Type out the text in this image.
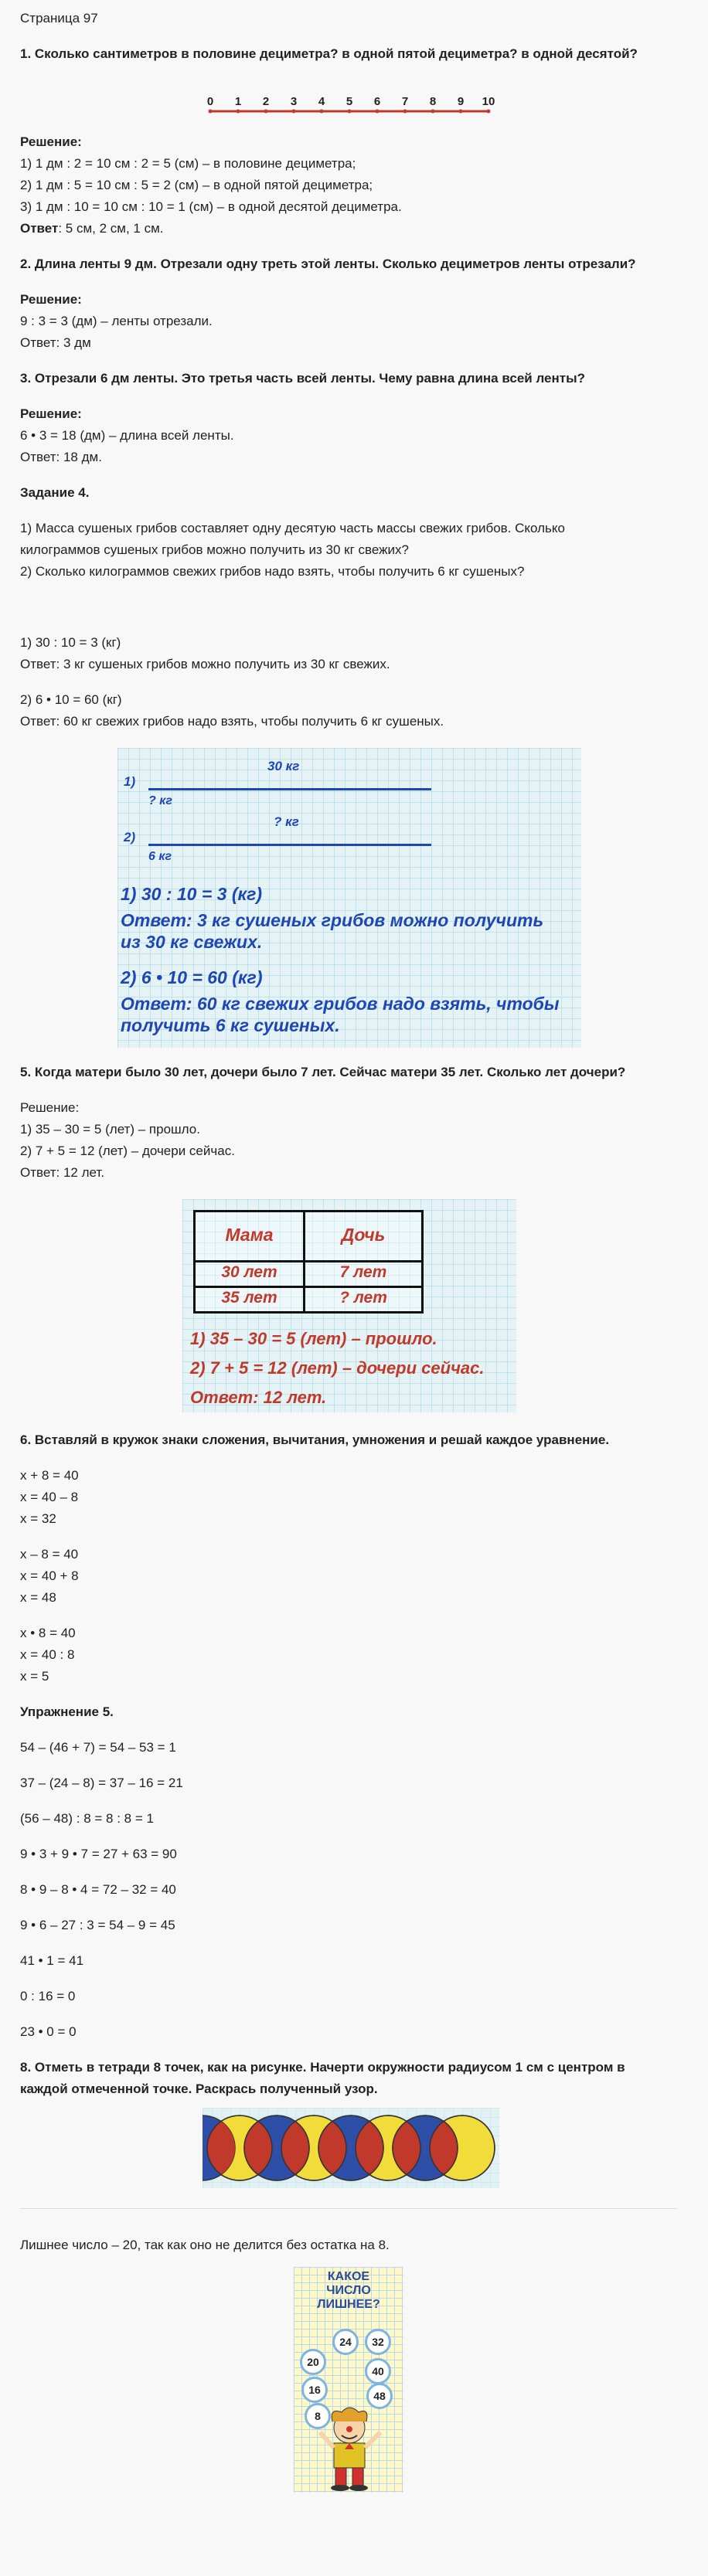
Страница 97
1. Сколько сантиметров в половине дециметра? в одной пятой дециметра? в одной десятой?
0 1 2 3 4 5 6 7 8 9 10
Решение:
1) 1 дм : 2 = 10 см : 2 = 5 (см) – в половине дециметра;
2) 1 дм : 5 = 10 см : 5 = 2 (см) – в одной пятой дециметра;
3) 1 дм : 10 = 10 см : 10 = 1 (см) – в одной десятой дециметра.
Ответ: 5 см, 2 см, 1 см.
2. Длина ленты 9 дм. Отрезали одну треть этой ленты. Сколько дециметров ленты отрезали?
Решение:
9 : 3 = 3 (дм) – ленты отрезали.
Ответ: 3 дм
3. Отрезали 6 дм ленты. Это третья часть всей ленты. Чему равна длина всей ленты?
Решение:
6 • 3 = 18 (дм) – длина всей ленты.
Ответ: 18 дм.
Задание 4.
1) Масса сушеных грибов составляет одну десятую часть массы свежих грибов. Сколько
килограммов сушеных грибов можно получить из 30 кг свежих?
2) Сколько килограммов свежих грибов надо взять, чтобы получить 6 кг сушеных?
1) 30 : 10 = 3 (кг)
Ответ: 3 кг сушеных грибов можно получить из 30 кг свежих.
2) 6 • 10 = 60 (кг)
Ответ: 60 кг свежих грибов надо взять, чтобы получить 6 кг сушеных.
1)
30 кг
? кг
2)
? кг
6 кг
1) 30 : 10 = 3 (кг)
Ответ: 3 кг сушеных грибов можно получить
из 30 кг свежих.
2) 6 • 10 = 60 (кг)
Ответ: 60 кг свежих грибов надо взять, чтобы
получить 6 кг сушеных.
5. Когда матери было 30 лет, дочери было 7 лет. Сейчас матери 35 лет. Сколько лет дочери?
Решение:
1) 35 – 30 = 5 (лет) – прошло.
2) 7 + 5 = 12 (лет) – дочери сейчас.
Ответ: 12 лет.
Мама	Дочь
30 лет	7 лет
35 лет	? лет
1) 35 – 30 = 5 (лет) – прошло.
2) 7 + 5 = 12 (лет) – дочери сейчас.
Ответ: 12 лет.
6. Вставляй в кружок знаки сложения, вычитания, умножения и решай каждое уравнение.
x + 8 = 40
x = 40 – 8
x = 32
x – 8 = 40
x = 40 + 8
x = 48
x • 8 = 40
x = 40 : 8
x = 5
Упражнение 5.
54 – (46 + 7) = 54 – 53 = 1
37 – (24 – 8) = 37 – 16 = 21
(56 – 48) : 8 = 8 : 8 = 1
9 • 3 + 9 • 7 = 27 + 63 = 90
8 • 9 – 8 • 4 = 72 – 32 = 40
9 • 6 – 27 : 3 = 54 – 9 = 45
41 • 1 = 41
0 : 16 = 0
23 • 0 = 0
8. Отметь в тетради 8 точек, как на рисунке. Начерти окружности радиусом 1 см с центром в
каждой отмеченной точке. Раскрась полученный узор.
Лишнее число – 20, так как оно не делится без остатка на 8.
КАКОЕ
ЧИСЛО
ЛИШНЕЕ?
24	32
20
40
16	48
8
